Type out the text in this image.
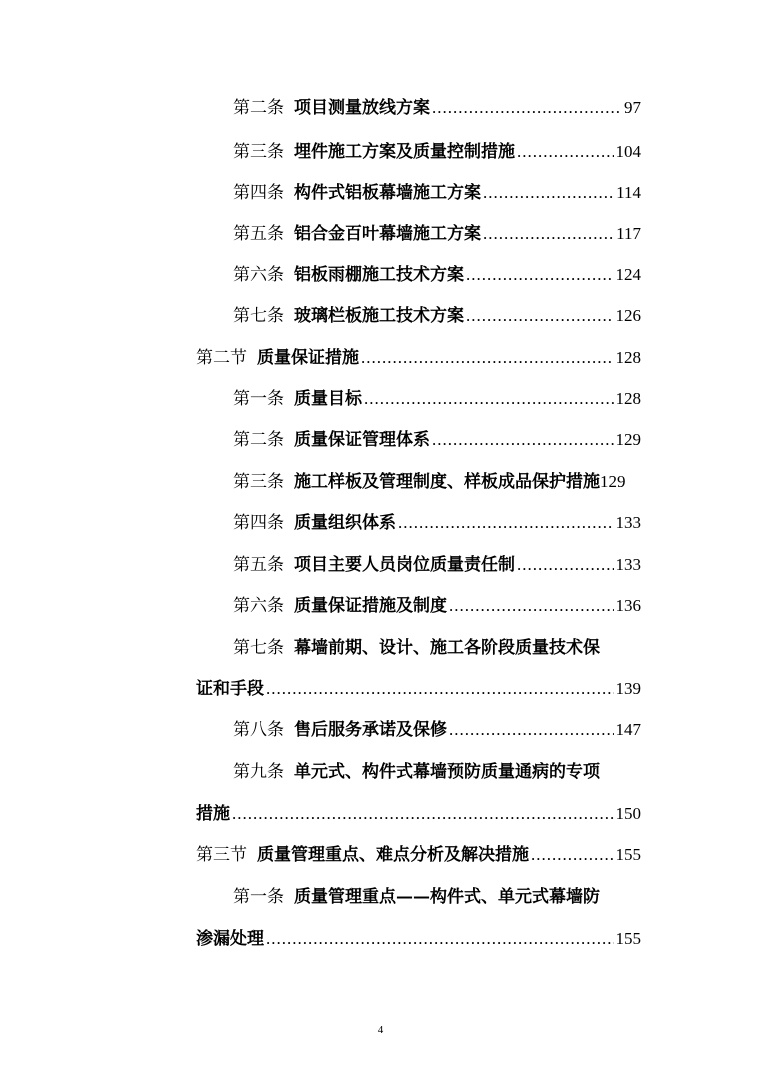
第二条 项目测量放线方案 .....	97
第三条 埋件施工方案及质量控制措施 .....	104
第四条 构件式铝板幕墙施工方案 .....	114
第五条 铝合金百叶幕墙施工方案 .....	117
第六条 铝板雨棚施工技术方案 .....	124
第七条 玻璃栏板施工技术方案 .....	126
第二节 质量保证措施 .....	128
第一条 质量目标 .....	128
第二条 质量保证管理体系 .....	129
第三条 施工样板及管理制度、样板成品保护措施 129
第四条 质量组织体系 .....	133
第五条 项目主要人员岗位质量责任制 .....	133
第六条 质量保证措施及制度 .....	136
第七条 幕墙前期、设计、施工各阶段质量技术保
证和手段 .....	139
第八条 售后服务承诺及保修 .....	147
第九条 单元式、构件式幕墙预防质量通病的专项
措施 .....	150
第三节 质量管理重点、难点分析及解决措施 .....	155
第一条 质量管理重点——构件式、单元式幕墙防
渗漏处理 .....	155
4
